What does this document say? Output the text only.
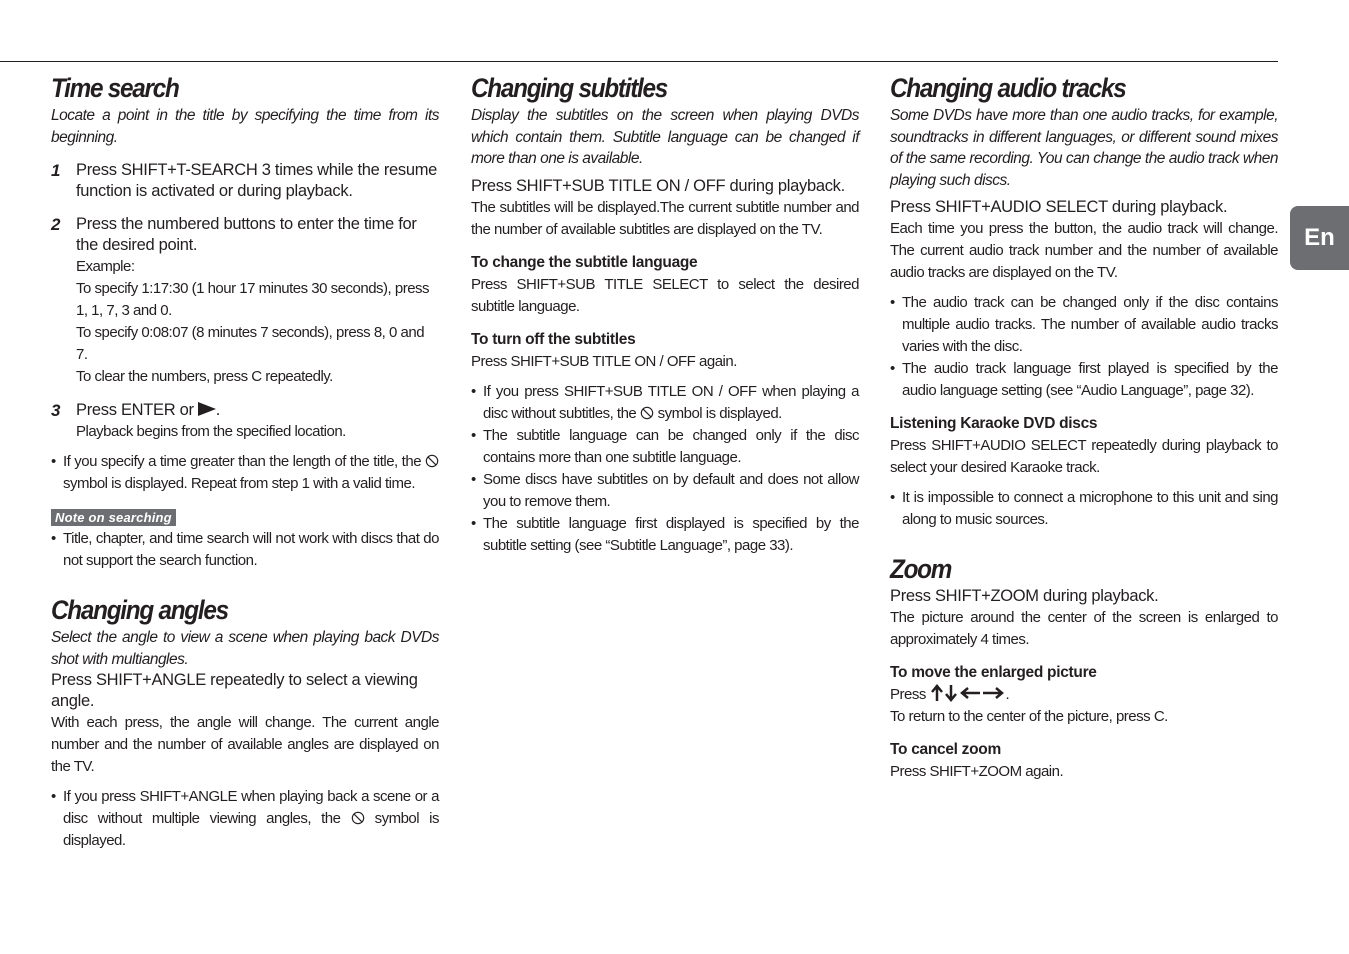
En
Time search

Locate a point in the title by specifying the time from its beginning.

1 Press SHIFT+T-SEARCH 3 times while the resume function is activated or during playback.
2 Press the numbered buttons to enter the time for the desired point.
Example:
To specify 1:17:30 (1 hour 17 minutes 30 seconds), press 1, 1, 7, 3 and 0.
To specify 0:08:07 (8 minutes 7 seconds), press 8, 0 and 7.
To clear the numbers, press C repeatedly.
3 Press ENTER or .
Playback begins from the specified location.

• If you specify a time greater than the length of the title, the  symbol is displayed. Repeat from step 1 with a valid time.

Note on searching

• Title, chapter, and time search will not work with discs that do not support the search function.

Changing angles

Select the angle to view a scene when playing back DVDs shot with multiangles.

Press SHIFT+ANGLE repeatedly to select a viewing angle.

With each press, the angle will change. The current angle number and the number of available angles are displayed on the TV.

• If you press SHIFT+ANGLE when playing back a scene or a disc without multiple viewing angles, the symbol is displayed.

Changing subtitles

Display the subtitles on the screen when playing DVDs which contain them. Subtitle language can be changed if more than one is available.

Press SHIFT+SUB TITLE ON / OFF during playback.

The subtitles will be displayed.The current subtitle number and the number of available subtitles are displayed on the TV.

To change the subtitle language

Press SHIFT+SUB TITLE SELECT to select the desired subtitle language.

To turn off the subtitles

Press SHIFT+SUB TITLE ON / OFF again.

• If you press SHIFT+SUB TITLE ON / OFF when playing a disc without subtitles, the symbol is displayed.

• The subtitle language can be changed only if the disc contains more than one subtitle language.

• Some discs have subtitles on by default and does not allow you to remove them.

• The subtitle language first displayed is specified by the subtitle setting (see “Subtitle Language”, page 33).

Changing audio tracks

Some DVDs have more than one audio tracks, for example, soundtracks in different languages, or different sound mixes of the same recording. You can change the audio track when playing such discs.

Press SHIFT+AUDIO SELECT during playback.

Each time you press the button, the audio track will change. The current audio track number and the number of available audio tracks are displayed on the TV.

• The audio track can be changed only if the disc contains multiple audio tracks. The number of available audio tracks varies with the disc.

• The audio track language first played is specified by the audio language setting (see “Audio Language”, page 32).

Listening Karaoke DVD discs

Press SHIFT+AUDIO SELECT repeatedly during playback to select your desired Karaoke track.

• It is impossible to connect a microphone to this unit and sing along to music sources.

Zoom

Press SHIFT+ZOOM during playback.

The picture around the center of the screen is enlarged to approximately 4 times.

To move the enlarged picture

Press	.

To return to the center of the picture, press C.

To cancel zoom

Press SHIFT+ZOOM again.
